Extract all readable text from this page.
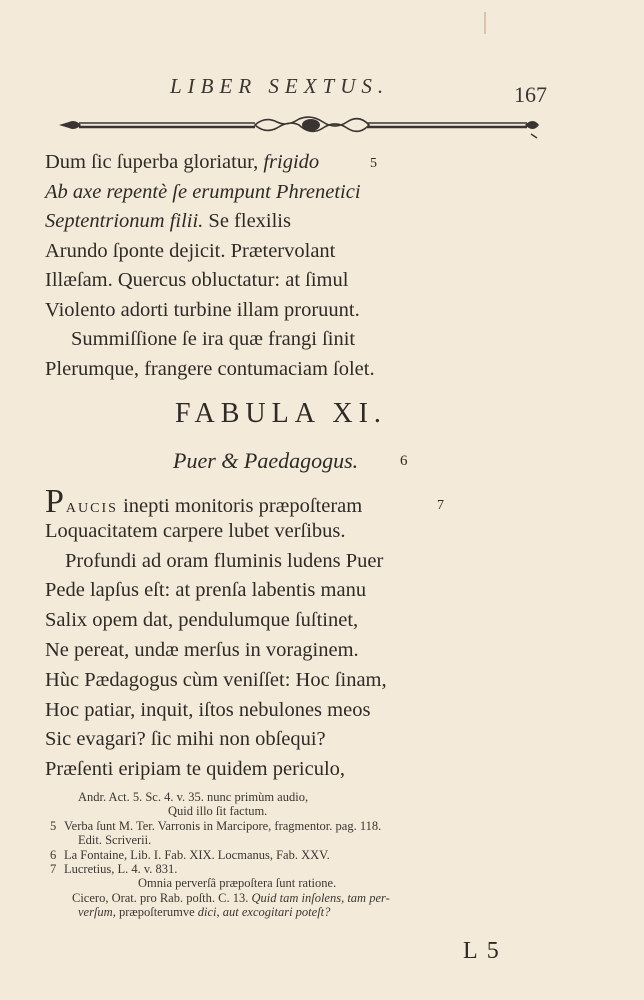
LIBER SEXTUS.	167
Dum ſic ſuperba gloriatur, frigido	5
Ab axe repentè ſe erumpunt Phrenetici
Septentrionum filii. Se flexilis
Arundo ſponte dejicit. Prætervolant
Illæſam. Quercus obluctatur: at ſimul
Violento adorti turbine illam proruunt.
Summiſſione ſe ira quæ frangi ſinit
Plerumque, frangere contumaciam ſolet.
FABULA XI.
Puer & Paedagogus.	6
Paucis inepti monitoris præpoſteram	7
Loquacitatem carpere lubet verſibus.
Profundi ad oram fluminis ludens Puer
Pede lapſus eſt: at prenſa labentis manu
Salix opem dat, pendulumque ſuſtinet,
Ne pereat, undæ merſus in voraginem.
Hùc Pædagogus cùm veniſſet: Hoc ſinam,
Hoc patiar, inquit, iſtos nebulones meos
Sic evagari? ſic mihi non obſequi?
Præſenti eripiam te quidem periculo,
Andr. Act. 5. Sc. 4. v. 35. nunc primùm audio,
Quid illo ſit factum.
5 Verba ſunt M. Ter. Varronis in Marcipore, fragmentor. pag. 118.
Edit. Scriverii.
6 La Fontaine, Lib. I. Fab. XIX. Locmanus, Fab. XXV.
7 Lucretius, L. 4. v. 831.
Omnia perverſâ præpoſtera ſunt ratione.
Cicero, Orat. pro Rab. poſth. C. 13. Quid tam inſolens, tam per-
verſum, præpoſterumve dici, aut excogitari poteſt?
L 5
